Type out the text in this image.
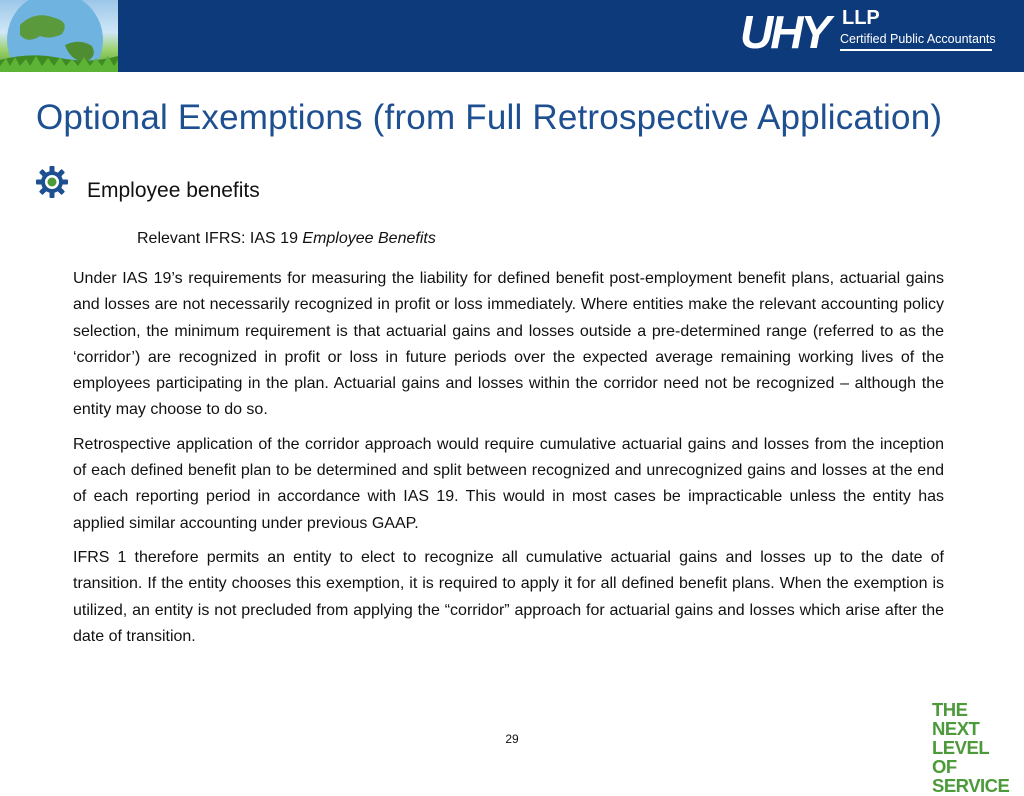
UHY LLP
Certified Public Accountants
Optional Exemptions (from Full Retrospective Application)
Employee benefits
Relevant IFRS: IAS 19 Employee Benefits

Under IAS 19’s requirements for measuring the liability for defined benefit post-employment benefit plans, actuarial gains and losses are not necessarily recognized in profit or loss immediately. Where entities make the relevant accounting policy selection, the minimum requirement is that actuarial gains and losses outside a pre-determined range (referred to as the ‘corridor’) are recognized in profit or loss in future periods over the expected average remaining working lives of the employees participating in the plan. Actuarial gains and losses within the corridor need not be recognized – although the entity may choose to do so.

Retrospective application of the corridor approach would require cumulative actuarial gains and losses from the inception of each defined benefit plan to be determined and split between recognized and unrecognized gains and losses at the end of each reporting period in accordance with IAS 19. This would in most cases be impracticable unless the entity has applied similar accounting under previous GAAP.

IFRS 1 therefore permits an entity to elect to recognize all cumulative actuarial gains and losses up to the date of transition. If the entity chooses this exemption, it is required to apply it for all defined benefit plans. When the exemption is utilized, an entity is not precluded from applying the “corridor” approach for actuarial gains and losses which arise after the date of transition.

29
THE NEXT
LEVEL OF
SERVICE
